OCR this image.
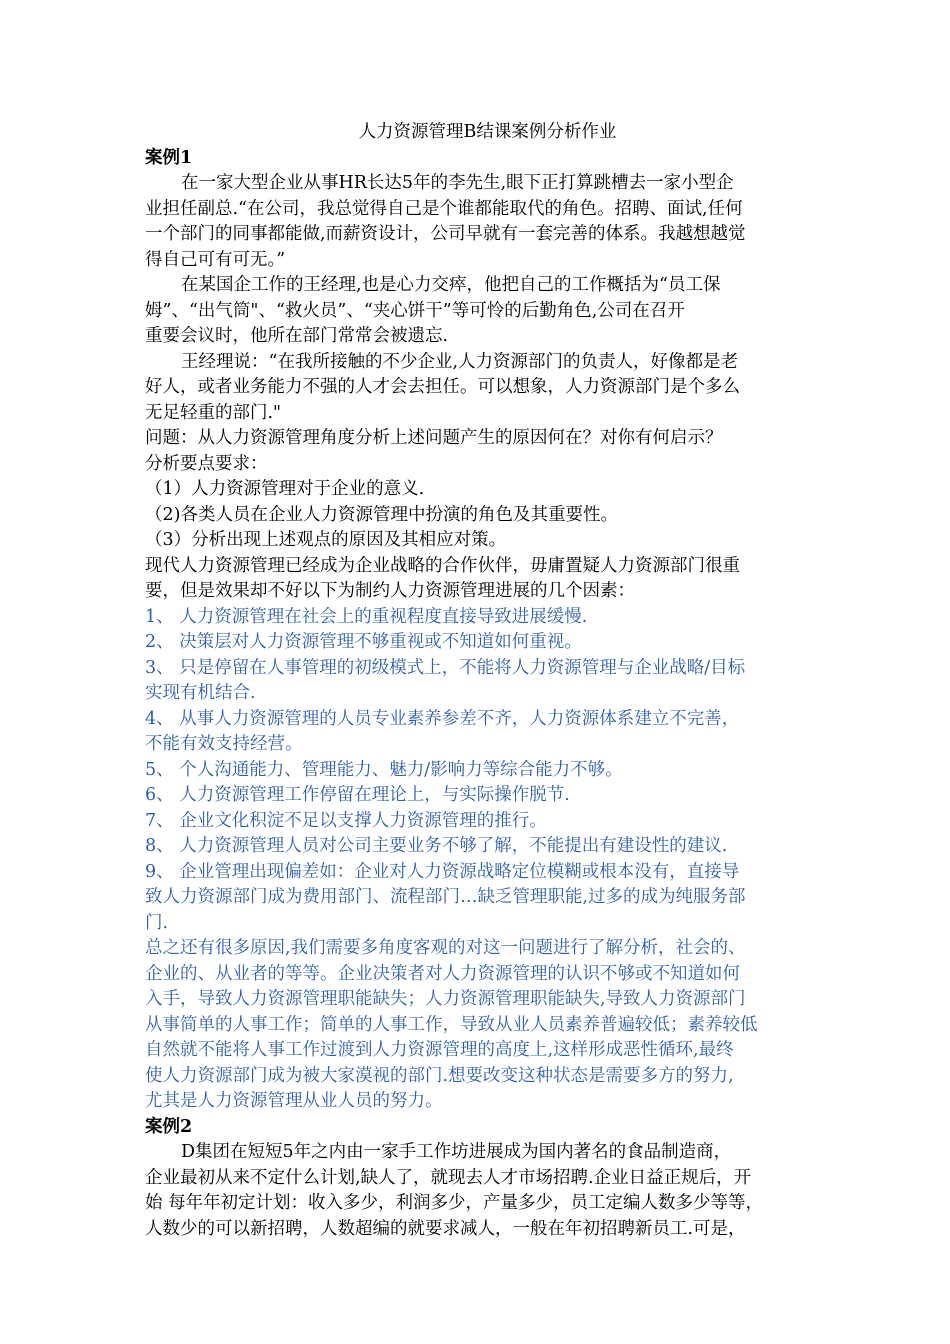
人力资源管理B结课案例分析作业
案例1
在一家大型企业从事HR长达5年的李先生,眼下正打算跳槽去一家小型企
业担任副总.“在公司，我总觉得自己是个谁都能取代的角色。招聘、面试,任何
一个部门的同事都能做,而薪资设计，公司早就有一套完善的体系。我越想越觉
得自己可有可无。”
在某国企工作的王经理,也是心力交瘁，他把自己的工作概括为“员工保
姆”、“出气筒"、“救火员”、“夹心饼干”等可怜的后勤角色,公司在召开
重要会议时，他所在部门常常会被遗忘.
王经理说：“在我所接触的不少企业,人力资源部门的负责人，好像都是老
好人，或者业务能力不强的人才会去担任。可以想象，人力资源部门是个多么
无足轻重的部门."
问题：从人力资源管理角度分析上述问题产生的原因何在？对你有何启示？
分析要点要求：
（1）人力资源管理对于企业的意义.
（2)各类人员在企业人力资源管理中扮演的角色及其重要性。
（3）分析出现上述观点的原因及其相应对策。
现代人力资源管理已经成为企业战略的合作伙伴，毋庸置疑人力资源部门很重
要，但是效果却不好以下为制约人力资源管理进展的几个因素：
1、 人力资源管理在社会上的重视程度直接导致进展缓慢.
2、 决策层对人力资源管理不够重视或不知道如何重视。
3、 只是停留在人事管理的初级模式上，不能将人力资源管理与企业战略/目标
实现有机结合.
4、 从事人力资源管理的人员专业素养参差不齐，人力资源体系建立不完善，
不能有效支持经营。
5、 个人沟通能力、管理能力、魅力/影响力等综合能力不够。
6、 人力资源管理工作停留在理论上，与实际操作脱节.
7、 企业文化积淀不足以支撑人力资源管理的推行。
8、 人力资源管理人员对公司主要业务不够了解，不能提出有建设性的建议.
9、 企业管理出现偏差如：企业对人力资源战略定位模糊或根本没有，直接导
致人力资源部门成为费用部门、流程部门…缺乏管理职能,过多的成为纯服务部
门.
总之还有很多原因,我们需要多角度客观的对这一问题进行了解分析，社会的、
企业的、从业者的等等。企业决策者对人力资源管理的认识不够或不知道如何
入手，导致人力资源管理职能缺失；人力资源管理职能缺失,导致人力资源部门
从事简单的人事工作；简单的人事工作，导致从业人员素养普遍较低；素养较低
自然就不能将人事工作过渡到人力资源管理的高度上,这样形成恶性循环,最终
使人力资源部门成为被大家漠视的部门.想要改变这种状态是需要多方的努力,
尤其是人力资源管理从业人员的努力。
案例2
D集团在短短5年之内由一家手工作坊进展成为国内著名的食品制造商，
企业最初从来不定什么计划,缺人了，就现去人才市场招聘.企业日益正规后，开
始 每年年初定计划：收入多少，利润多少，产量多少，员工定编人数多少等等，
人数少的可以新招聘，人数超编的就要求减人，一般在年初招聘新员工.可是，
